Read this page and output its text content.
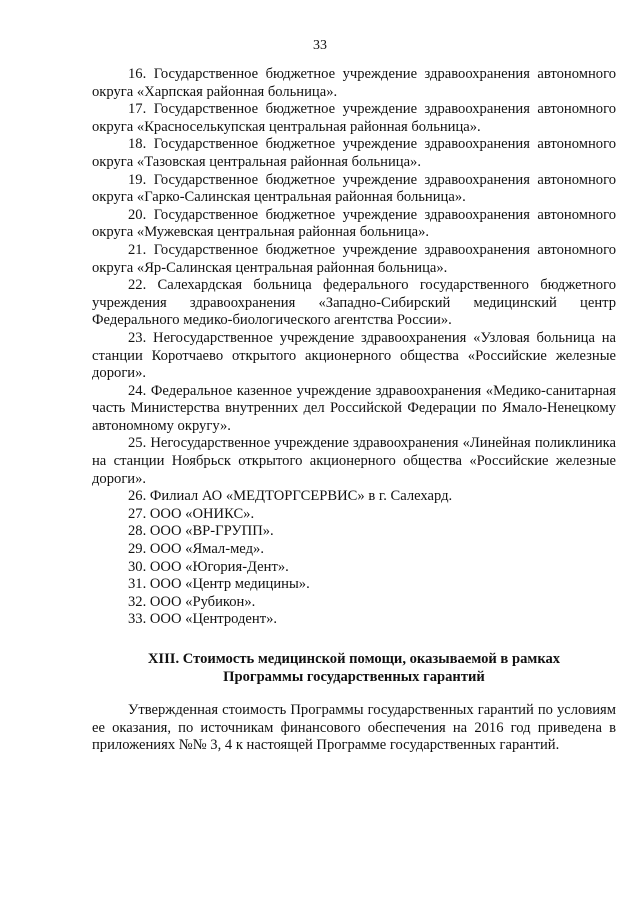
33

16. Государственное бюджетное учреждение здравоохранения автономного округа «Харпская районная больница».

17. Государственное бюджетное учреждение здравоохранения автономного округа «Красноселькупская центральная районная больница».

18. Государственное бюджетное учреждение здравоохранения автономного округа «Тазовская центральная районная больница».

19. Государственное бюджетное учреждение здравоохранения автономного округа «Гарко-Салинская центральная районная больница».

20. Государственное бюджетное учреждение здравоохранения автономного округа «Мужевская центральная районная больница».

21. Государственное бюджетное учреждение здравоохранения автономного округа «Яр-Салинская центральная районная больница».

22. Салехардская больница федерального государственного бюджетного учреждения здравоохранения «Западно-Сибирский медицинский центр Федерального медико-биологического агентства России».

23. Негосударственное учреждение здравоохранения «Узловая больница на станции Коротчаево открытого акционерного общества «Российские железные дороги».

24. Федеральное казенное учреждение здравоохранения «Медико-санитарная часть Министерства внутренних дел Российской Федерации по Ямало-Ненецкому автономному округу».

25. Негосударственное учреждение здравоохранения «Линейная поликлиника на станции Ноябрьск открытого акционерного общества «Российские железные дороги».

26. Филиал АО «МЕДТОРГСЕРВИС» в г. Салехард.

27. ООО «ОНИКС».

28. ООО «ВР-ГРУПП».

29. ООО «Ямал-мед».

30. ООО «Югория-Дент».

31. ООО «Центр медицины».

32. ООО «Рубикон».

33. ООО «Центродент».

XIII. Стоимость медицинской помощи, оказываемой в рамках
Программы государственных гарантий

Утвержденная стоимость Программы государственных гарантий по условиям ее оказания, по источникам финансового обеспечения на 2016 год приведена в приложениях №№ 3, 4 к настоящей Программе государственных гарантий.
